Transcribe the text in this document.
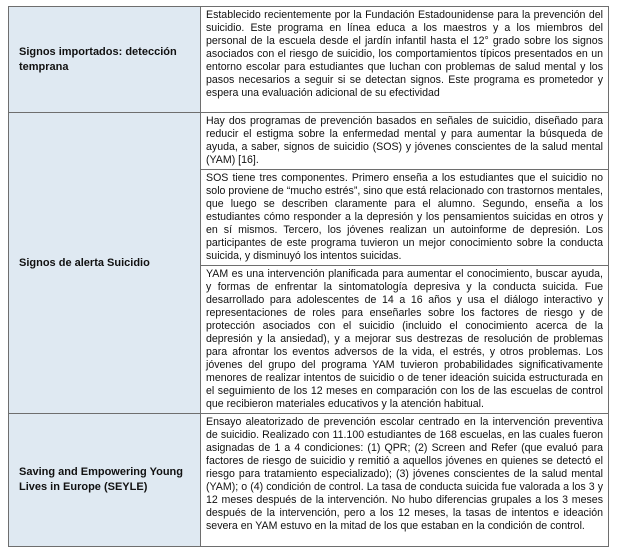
Signos importados: detección temprana	Establecido recientemente por la Fundación Estadounidense para la prevención del suicidio. Este programa en línea educa a los maestros y a los miembros del personal de la escuela desde el jardín infantil hasta el 12° grado sobre los signos asociados con el riesgo de suicidio, los comportamientos típicos presentados en un entorno escolar para estudiantes que luchan con problemas de salud mental y los pasos necesarios a seguir si se detectan signos. Este programa es prometedor y espera una evaluación adicional de su efectividad
Signos de alerta Suicidio	Hay dos programas de prevención basados en señales de suicidio, diseñado para reducir el estigma sobre la enfermedad mental y para aumentar la búsqueda de ayuda, a saber, signos de suicidio (SOS) y jóvenes conscientes de la salud mental (YAM) [16].
	SOS tiene tres componentes. Primero enseña a los estudiantes que el suicidio no solo proviene de “mucho estrés”, sino que está relacionado con trastornos mentales, que luego se describen claramente para el alumno. Segundo, enseña a los estudiantes cómo responder a la depresión y los pensamientos suicidas en otros y en sí mismos. Tercero, los jóvenes realizan un autoinforme de depresión. Los participantes de este programa tuvieron un mejor conocimiento sobre la conducta suicida, y disminuyó los intentos suicidas.
	YAM es una intervención planificada para aumentar el conocimiento, buscar ayuda, y formas de enfrentar la sintomatología depresiva y la conducta suicida. Fue desarrollado para adolescentes de 14 a 16 años y usa el diálogo interactivo y representaciones de roles para enseñarles sobre los factores de riesgo y de protección asociados con el suicidio (incluido el conocimiento acerca de la depresión y la ansiedad), y a mejorar sus destrezas de resolución de problemas para afrontar los eventos adversos de la vida, el estrés, y otros problemas. Los jóvenes del grupo del programa YAM tuvieron probabilidades significativamente menores de realizar intentos de suicidio o de tener ideación suicida estructurada en el seguimiento de los 12 meses en comparación con los de las escuelas de control que recibieron materiales educativos y la atención habitual.
Saving and Empowering Young Lives in Europe (SEYLE)	Ensayo aleatorizado de prevención escolar centrado en la intervención preventiva de suicidio. Realizado con 11.100 estudiantes de 168 escuelas, en las cuales fueron asignadas de 1 a 4 condiciones: (1) QPR; (2) Screen and Refer (que evaluó para factores de riesgo de suicidio y remitió a aquellos jóvenes en quienes se detectó el riesgo para tratamiento especializado); (3) jóvenes conscientes de la salud mental (YAM); o (4) condición de control. La tasa de conducta suicida fue valorada a los 3 y 12 meses después de la intervención. No hubo diferencias grupales a los 3 meses después de la intervención, pero a los 12 meses, la tasas de intentos e ideación severa en YAM estuvo en la mitad de los que estaban en la condición de control.
